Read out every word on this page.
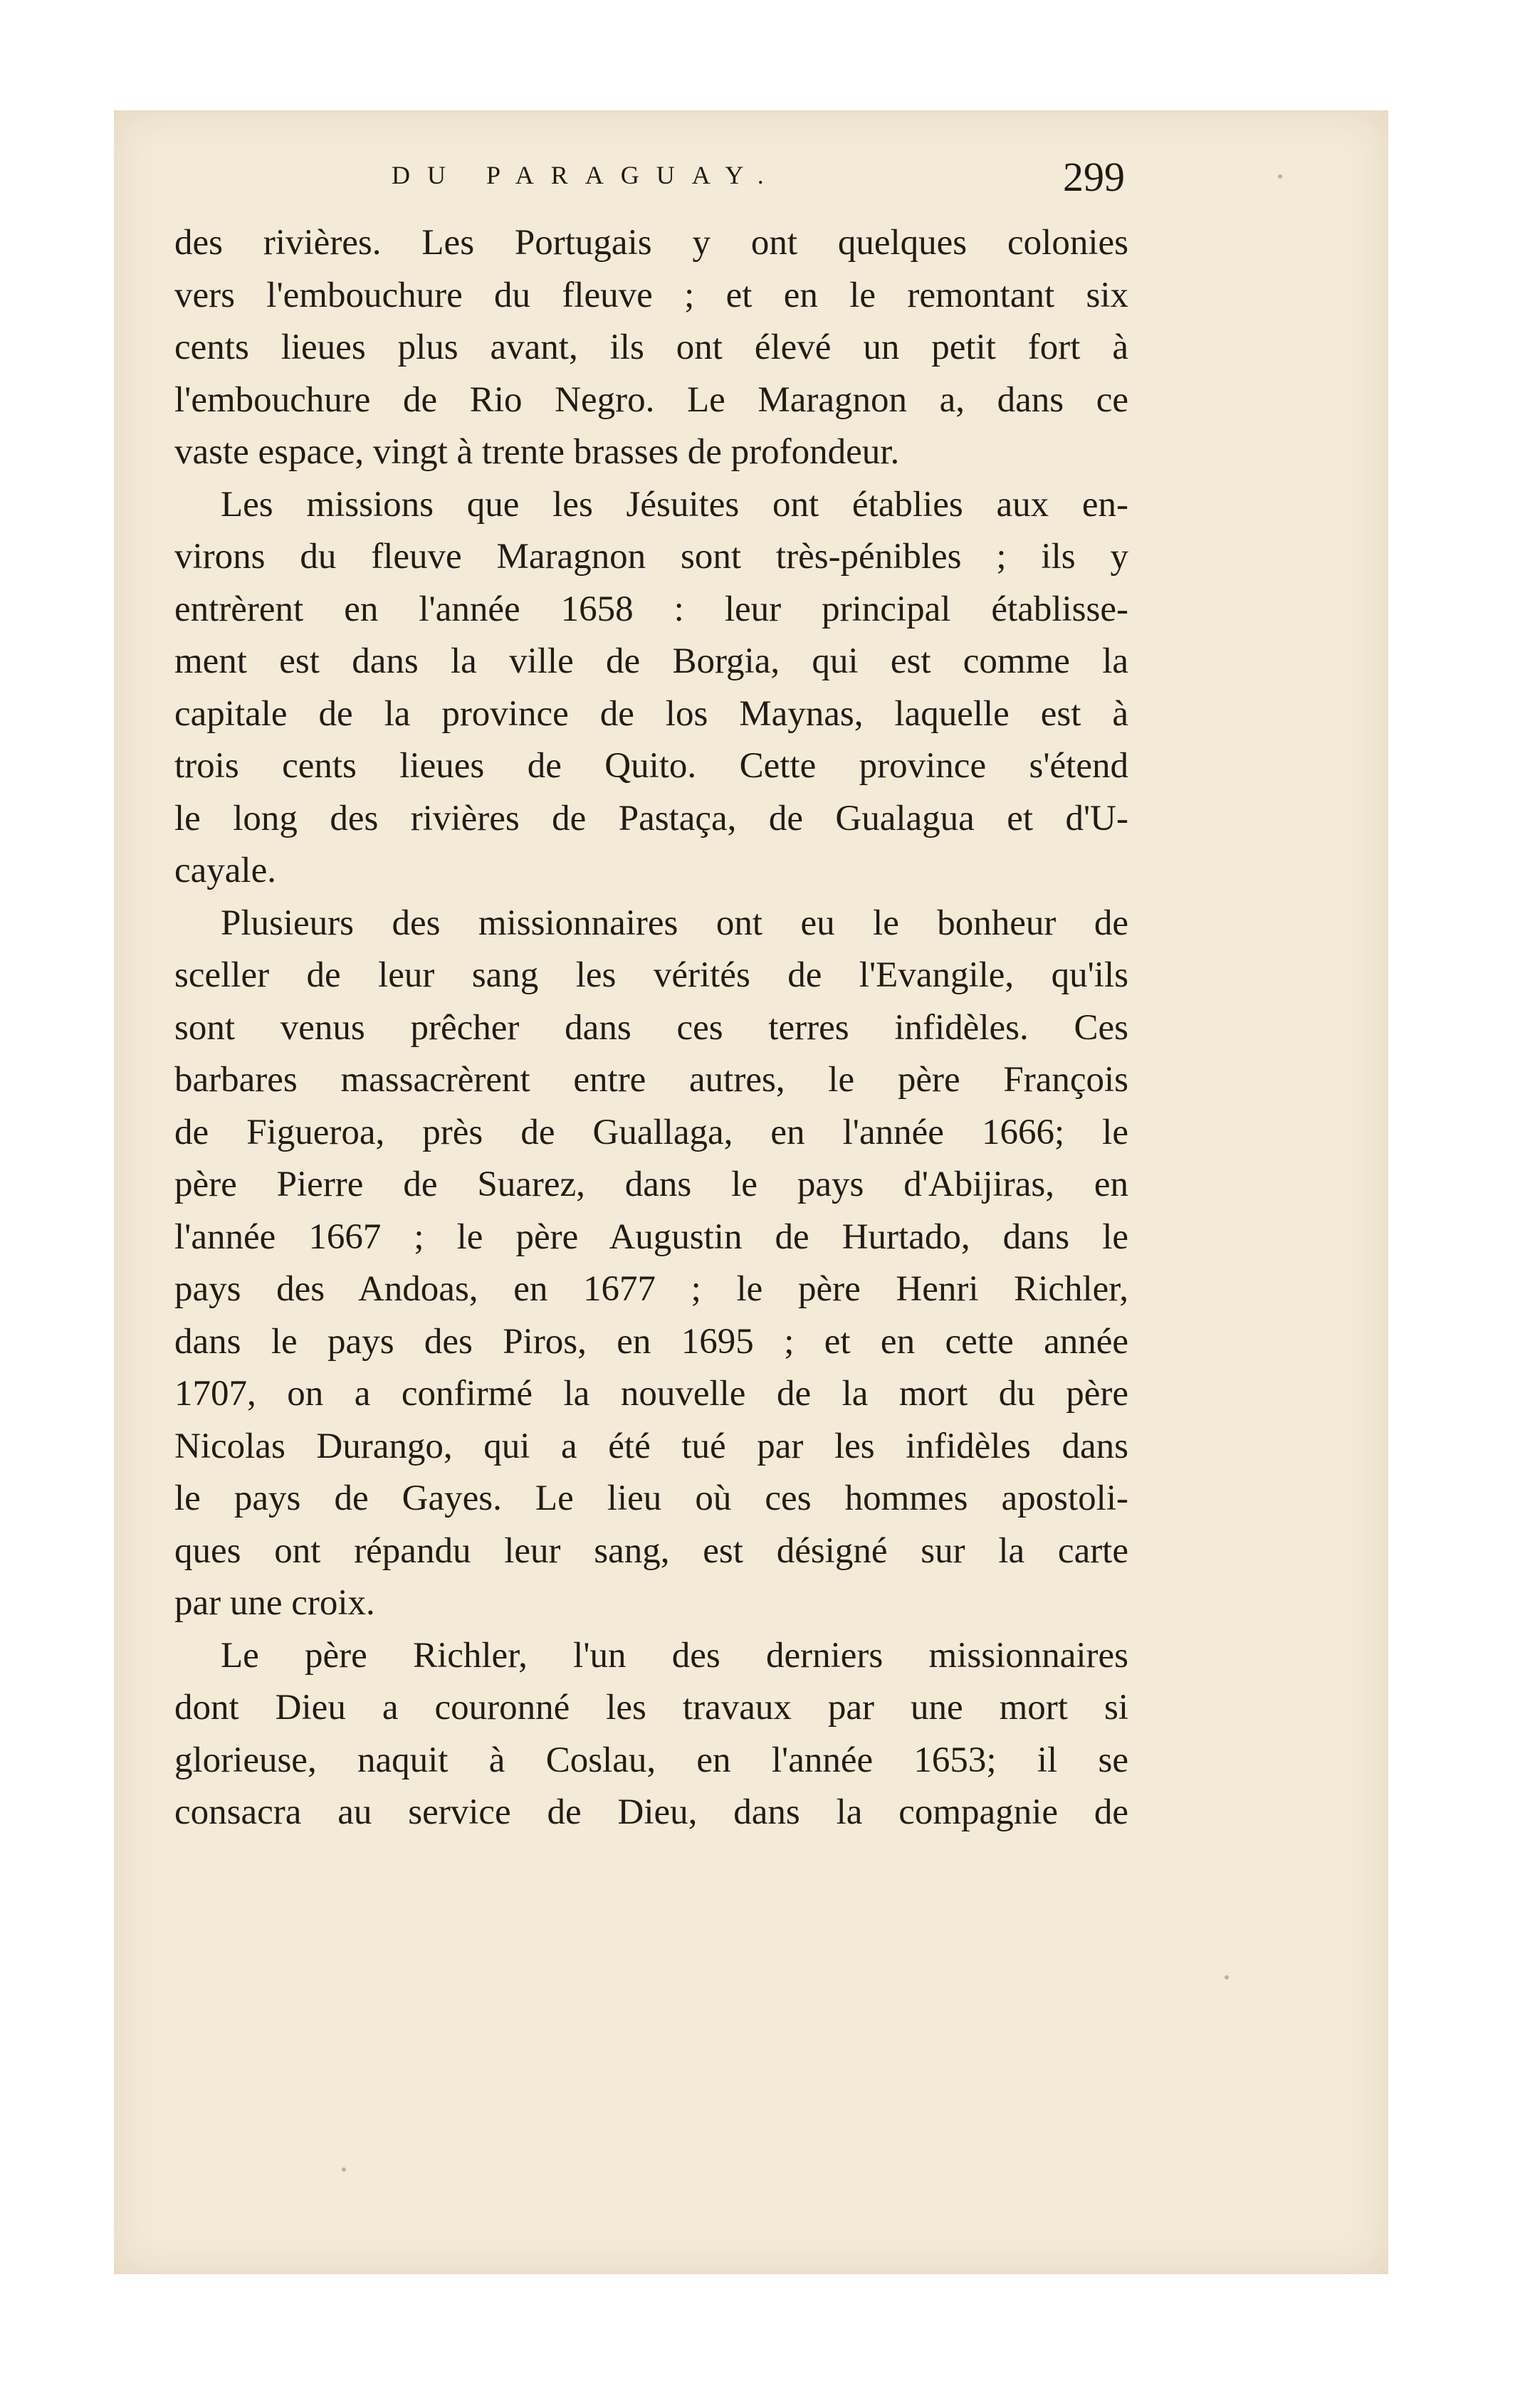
DU PARAGUAY.	299

des rivières. Les Portugais y ont quelques colonies
vers l'embouchure du fleuve ; et en le remontant six
cents lieues plus avant, ils ont élevé un petit fort à
l'embouchure de Rio Negro. Le Maragnon a, dans ce
vaste espace, vingt à trente brasses de profondeur.

Les missions que les Jésuites ont établies aux en-
virons du fleuve Maragnon sont très-pénibles ; ils y
entrèrent en l'année 1658 : leur principal établisse-
ment est dans la ville de Borgia, qui est comme la
capitale de la province de los Maynas, laquelle est à
trois cents lieues de Quito. Cette province s'étend
le long des rivières de Pastaça, de Gualagua et d'U-
cayale.

Plusieurs des missionnaires ont eu le bonheur de
sceller de leur sang les vérités de l'Evangile, qu'ils
sont venus prêcher dans ces terres infidèles. Ces
barbares massacrèrent entre autres, le père François
de Figueroa, près de Guallaga, en l'année 1666; le
père Pierre de Suarez, dans le pays d'Abijiras, en
l'année 1667 ; le père Augustin de Hurtado, dans le
pays des Andoas, en 1677 ; le père Henri Richler,
dans le pays des Piros, en 1695 ; et en cette année
1707, on a confirmé la nouvelle de la mort du père
Nicolas Durango, qui a été tué par les infidèles dans
le pays de Gayes. Le lieu où ces hommes apostoli-
ques ont répandu leur sang, est désigné sur la carte
par une croix.

Le père Richler, l'un des derniers missionnaires
dont Dieu a couronné les travaux par une mort si
glorieuse, naquit à Coslau, en l'année 1653; il se
consacra au service de Dieu, dans la compagnie de
